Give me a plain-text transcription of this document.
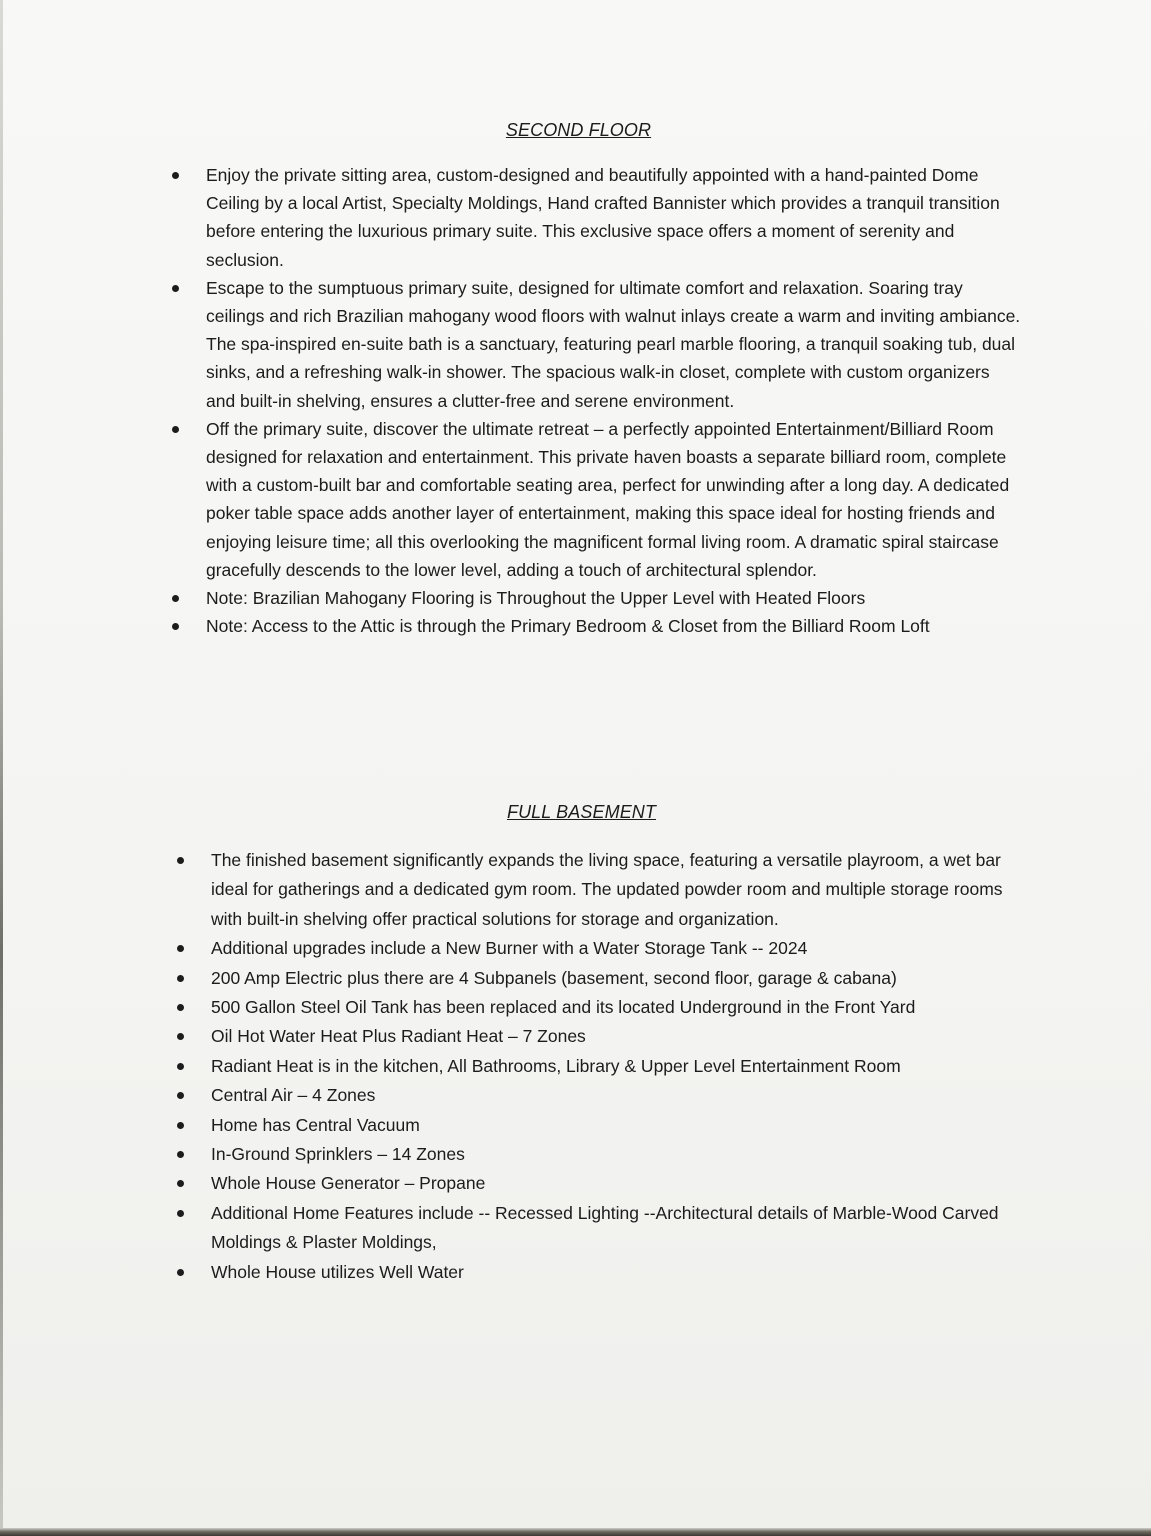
SECOND FLOOR
Enjoy the private sitting area, custom-designed and beautifully appointed with a hand-painted Dome Ceiling by a local Artist, Specialty Moldings, Hand crafted Bannister which provides a tranquil transition before entering the luxurious primary suite. This exclusive space offers a moment of serenity and seclusion.
Escape to the sumptuous primary suite, designed for ultimate comfort and relaxation. Soaring tray ceilings and rich Brazilian mahogany wood floors with walnut inlays create a warm and inviting ambiance. The spa-inspired en-suite bath is a sanctuary, featuring pearl marble flooring, a tranquil soaking tub, dual sinks, and a refreshing walk-in shower. The spacious walk-in closet, complete with custom organizers and built-in shelving, ensures a clutter-free and serene environment.
Off the primary suite, discover the ultimate retreat – a perfectly appointed Entertainment/Billiard Room designed for relaxation and entertainment. This private haven boasts a separate billiard room, complete with a custom-built bar and comfortable seating area, perfect for unwinding after a long day. A dedicated poker table space adds another layer of entertainment, making this space ideal for hosting friends and enjoying leisure time; all this overlooking the magnificent formal living room. A dramatic spiral staircase gracefully descends to the lower level, adding a touch of architectural splendor.
Note: Brazilian Mahogany Flooring is Throughout the Upper Level with Heated Floors
Note: Access to the Attic is through the Primary Bedroom & Closet from the Billiard Room Loft
FULL BASEMENT
The finished basement significantly expands the living space, featuring a versatile playroom, a wet bar ideal for gatherings and a dedicated gym room. The updated powder room and multiple storage rooms with built-in shelving offer practical solutions for storage and organization.
Additional upgrades include a New Burner with a Water Storage Tank -- 2024
200 Amp Electric plus there are 4 Subpanels (basement, second floor, garage & cabana)
500 Gallon Steel Oil Tank has been replaced and its located Underground in the Front Yard
Oil Hot Water Heat Plus Radiant Heat – 7 Zones
Radiant Heat is in the kitchen, All Bathrooms, Library & Upper Level Entertainment Room
Central Air – 4 Zones
Home has Central Vacuum
In-Ground Sprinklers – 14 Zones
Whole House Generator – Propane
Additional Home Features include -- Recessed Lighting --Architectural details of Marble-Wood Carved Moldings & Plaster Moldings,
Whole House utilizes Well Water
